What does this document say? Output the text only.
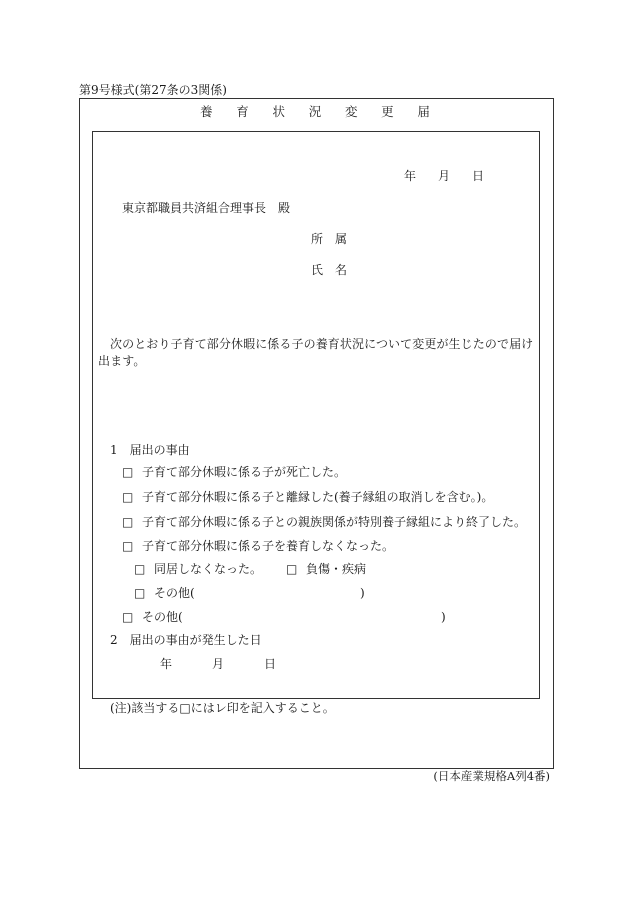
第9号様式(第27条の3関係)
養 育 状 況 変 更 届
年 月 日
東京都職員共済組合理事長　殿
所　属
氏　名
次のとおり子育て部分休暇に係る子の養育状況について変更が生じたので届け出ます。
1　届出の事由
□ 子育て部分休暇に係る子が死亡した。
□ 子育て部分休暇に係る子と離縁した(養子縁組の取消しを含む。)。
□ 子育て部分休暇に係る子との親族関係が特別養子縁組により終了した。
□ 子育て部分休暇に係る子を養育しなくなった。
□ 同居しなくなった。 □ 負傷・疾病
□ その他(	)
□ その他(	)
2　届出の事由が発生した日
年	月	日
(注)該当する□にはレ印を記入すること。
(日本産業規格A列4番)
